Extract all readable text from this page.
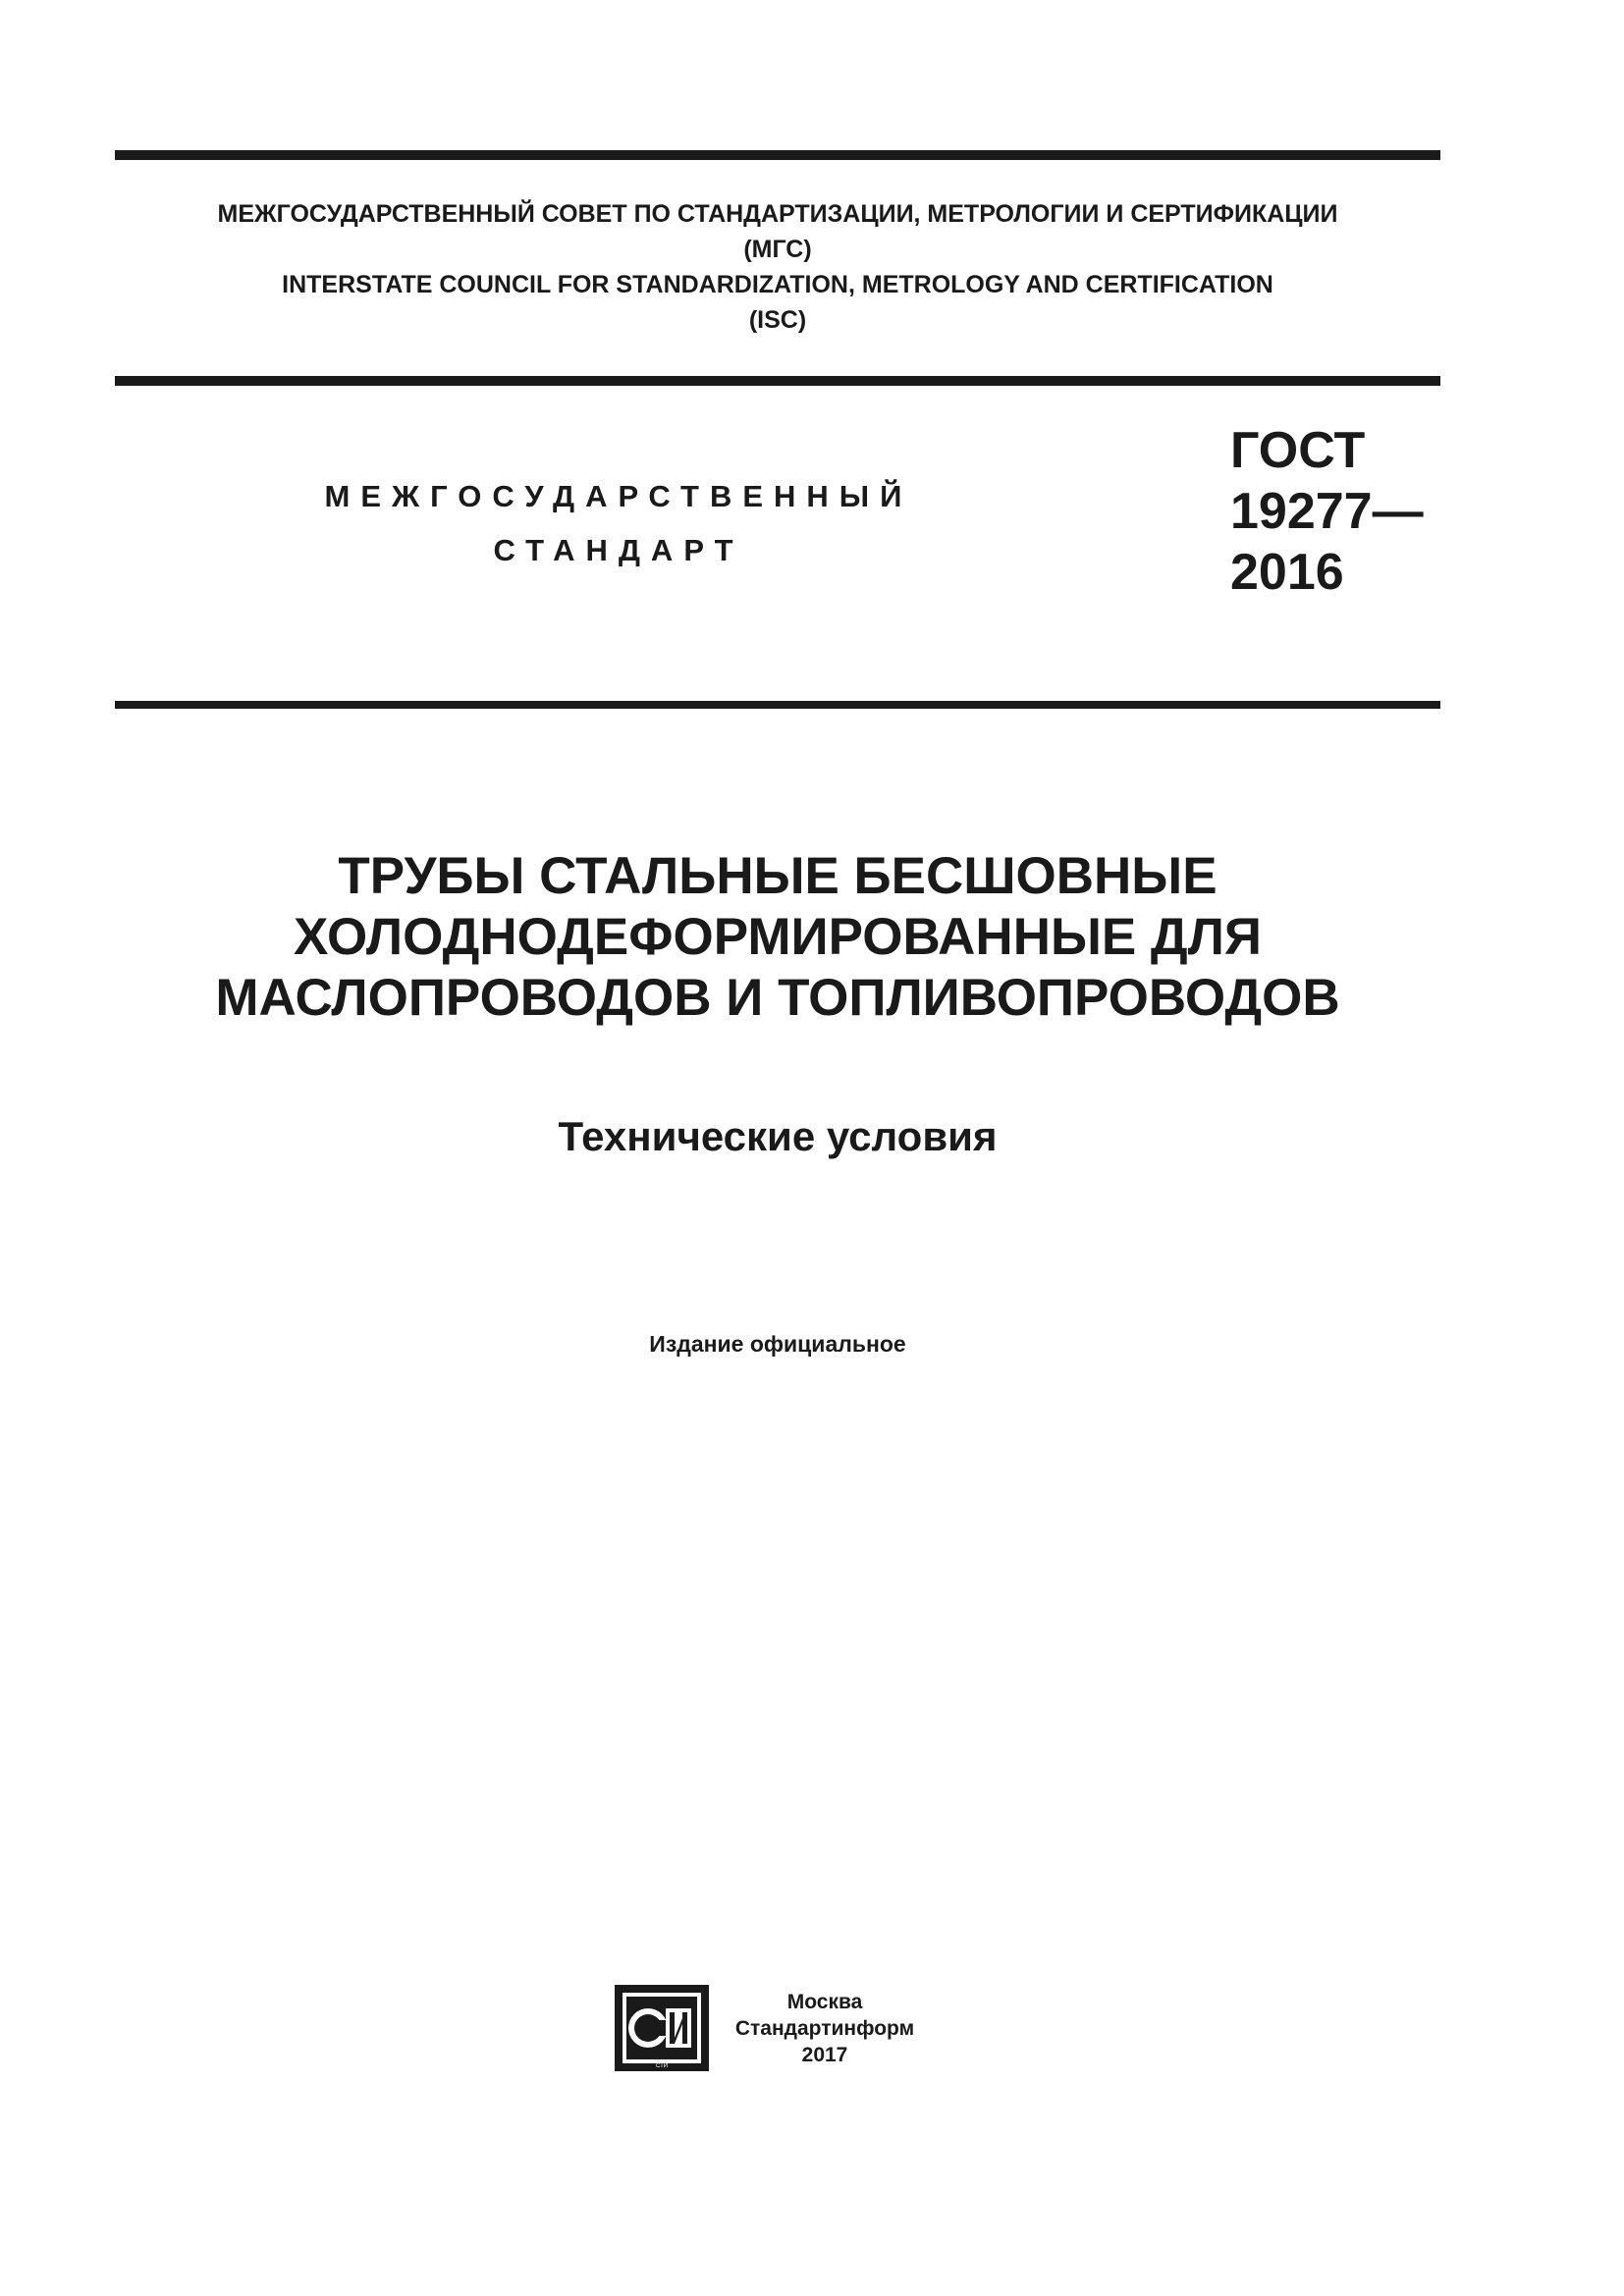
МЕЖГОСУДАРСТВЕННЫЙ СОВЕТ ПО СТАНДАРТИЗАЦИИ, МЕТРОЛОГИИ И СЕРТИФИКАЦИИ
(МГС)
INTERSTATE COUNCIL FOR STANDARDIZATION, METROLOGY AND CERTIFICATION
(ISC)
МЕЖГОСУДАРСТВЕННЫЙ
СТАНДАРТ
ГОСТ
19277—
2016
ТРУБЫ СТАЛЬНЫЕ БЕСШОВНЫЕ
ХОЛОДНОДЕФОРМИРОВАННЫЕ ДЛЯ
МАСЛОПРОВОДОВ И ТОПЛИВОПРОВОДОВ
Технические условия
Издание официальное
СТИ
Москва
Стандартинформ
2017
